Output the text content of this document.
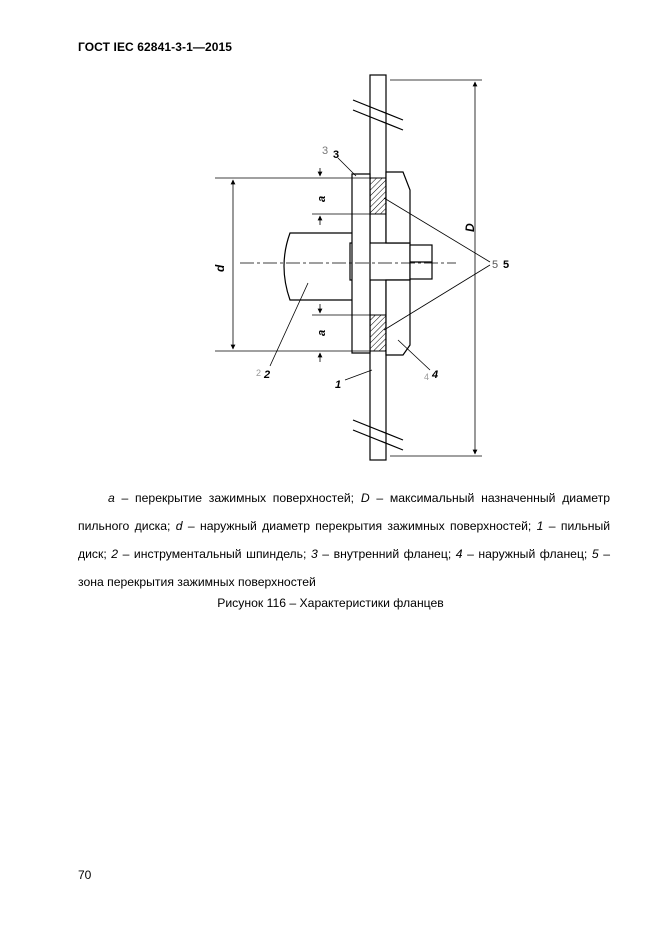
ГОСТ IEC 62841-3-1—2015
D
d
a
a
3 3
2 2
1
4 4
5 5
a – перекрытие зажимных поверхностей; D – максимальный назначенный диаметр пильного диска; d – наружный диаметр перекрытия зажимных поверхностей; 1 – пильный диск; 2 – инструментальный шпиндель; 3 – внутренний фланец; 4 – наружный фланец; 5 – зона перекрытия зажимных поверхностей
Рисунок 116 – Характеристики фланцев
70
